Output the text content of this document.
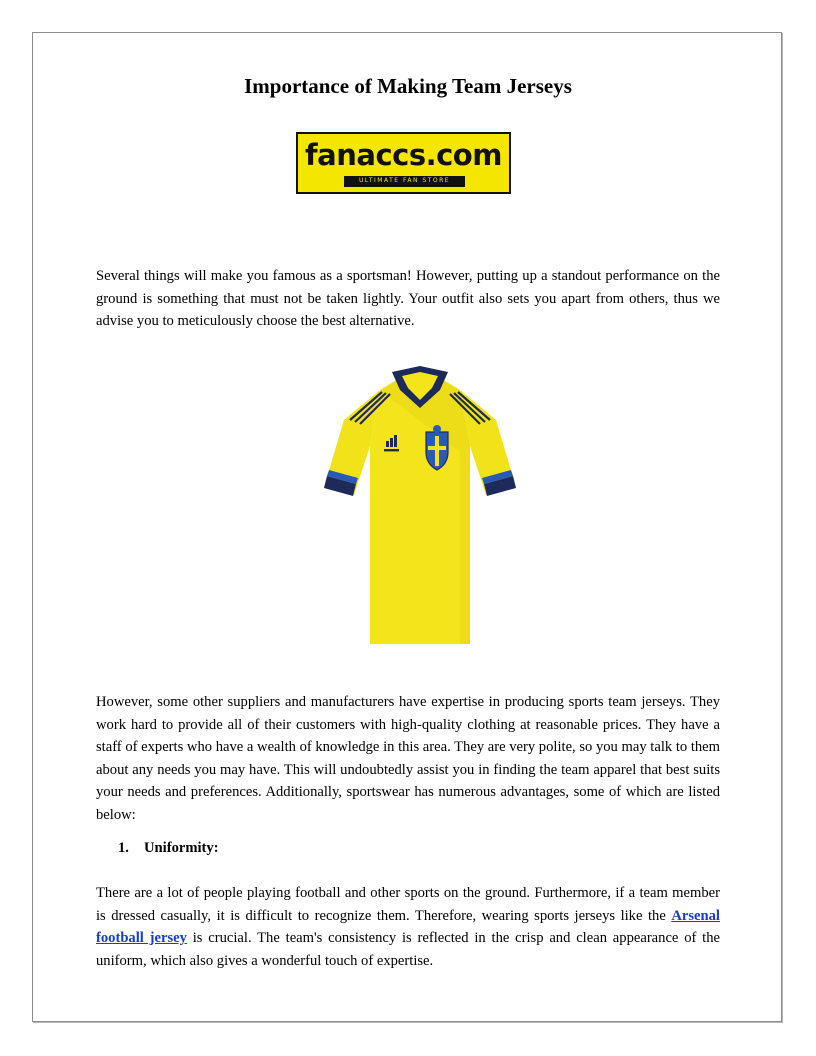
Importance of Making Team Jerseys
fanaccs.com
ULTIMATE FAN STORE

Several things will make you famous as a sportsman! However, putting up a standout performance on the ground is something that must not be taken lightly. Your outfit also sets you apart from others, thus we advise you to meticulously choose the best alternative.

However, some other suppliers and manufacturers have expertise in producing sports team jerseys. They work hard to provide all of their customers with high-quality clothing at reasonable prices. They have a staff of experts who have a wealth of knowledge in this area. They are very polite, so you may talk to them about any needs you may have. This will undoubtedly assist you in finding the team apparel that best suits your needs and preferences. Additionally, sportswear has numerous advantages, some of which are listed below:

1. Uniformity:

There are a lot of people playing football and other sports on the ground. Furthermore, if a team member is dressed casually, it is difficult to recognize them. Therefore, wearing sports jerseys like the Arsenal football jersey is crucial. The team's consistency is reflected in the crisp and clean appearance of the uniform, which also gives a wonderful touch of expertise.
